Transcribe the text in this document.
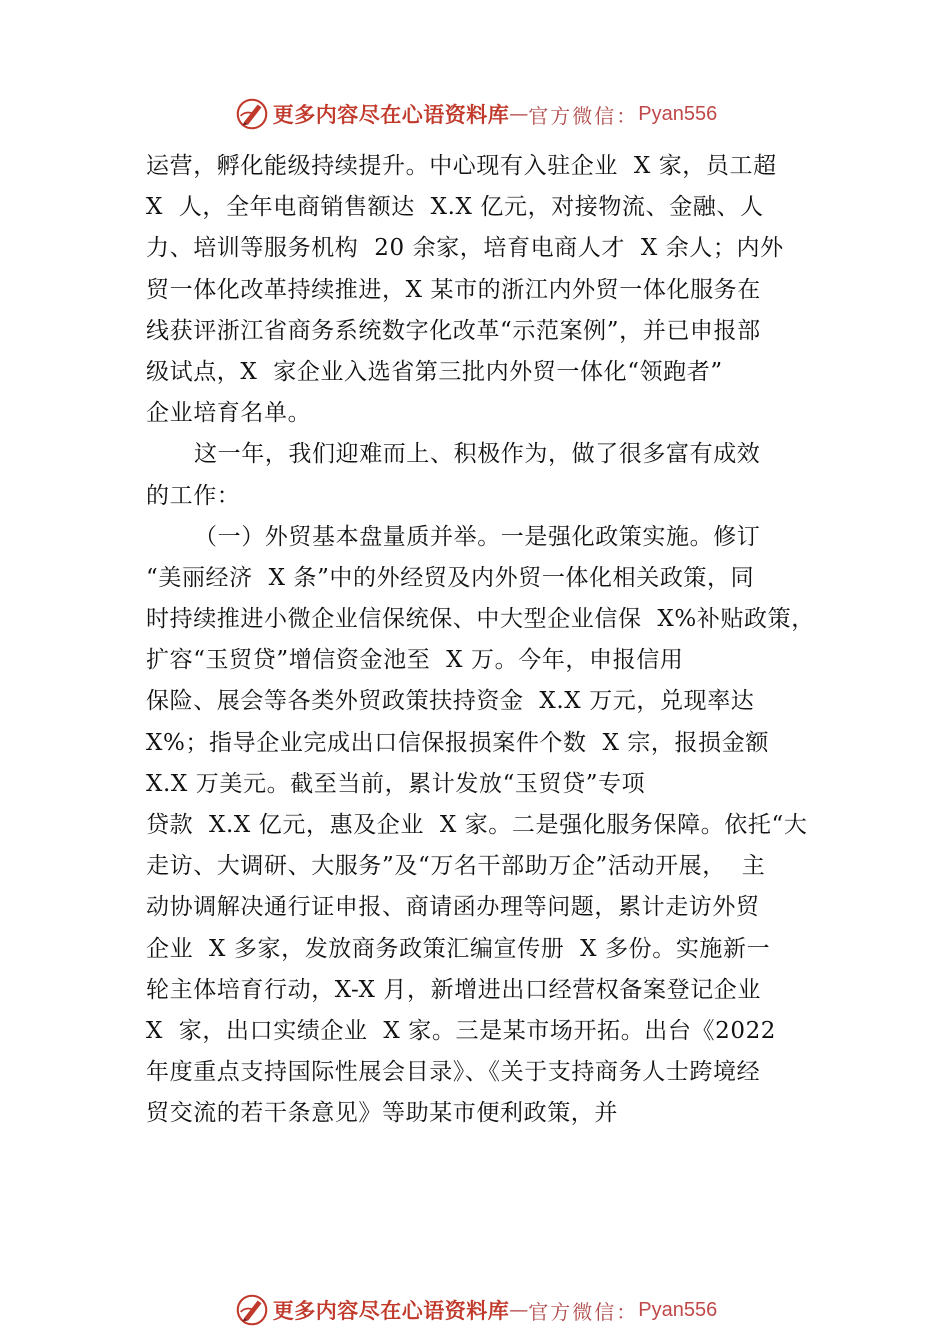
更多内容尽在心语资料库 — 官方微信： Pyan556
运营，孵化能级持续提升。中心现有入驻企业  X 家，员工超
X  人，全年电商销售额达  X.X 亿元，对接物流、金融、人
力、培训等服务机构  20 余家，培育电商人才  X 余人；内外
贸一体化改革持续推进，X 某市的浙江内外贸一体化服务在
线获评浙江省商务系统数字化改革“示范案例”，并已申报部
级试点，X  家企业入选省第三批内外贸一体化“领跑者”
企业培育名单。
这一年，我们迎难而上、积极作为，做了很多富有成效
的工作：
（一）外贸基本盘量质并举。一是强化政策实施。修订
“美丽经济  X 条”中的外经贸及内外贸一体化相关政策，同
时持续推进小微企业信保统保、中大型企业信保  X%补贴政策，
扩容“玉贸贷”增信资金池至  X 万。今年，申报信用
保险、展会等各类外贸政策扶持资金  X.X 万元，兑现率达
X%；指导企业完成出口信保报损案件个数  X 宗，报损金额
X.X 万美元。截至当前，累计发放“玉贸贷”专项
贷款  X.X 亿元，惠及企业  X 家。二是强化服务保障。依托“大
走访、大调研、大服务”及“万名干部助万企”活动开展，  主
动协调解决通行证申报、商请函办理等问题，累计走访外贸
企业  X 多家，发放商务政策汇编宣传册  X 多份。实施新一
轮主体培育行动，X-X 月，新增进出口经营权备案登记企业
X  家，出口实绩企业  X 家。三是某市场开拓。出台《2022
年度重点支持国际性展会目录》、《关于支持商务人士跨境经
贸交流的若干条意见》等助某市便利政策，并
更多内容尽在心语资料库 — 官方微信： Pyan556
